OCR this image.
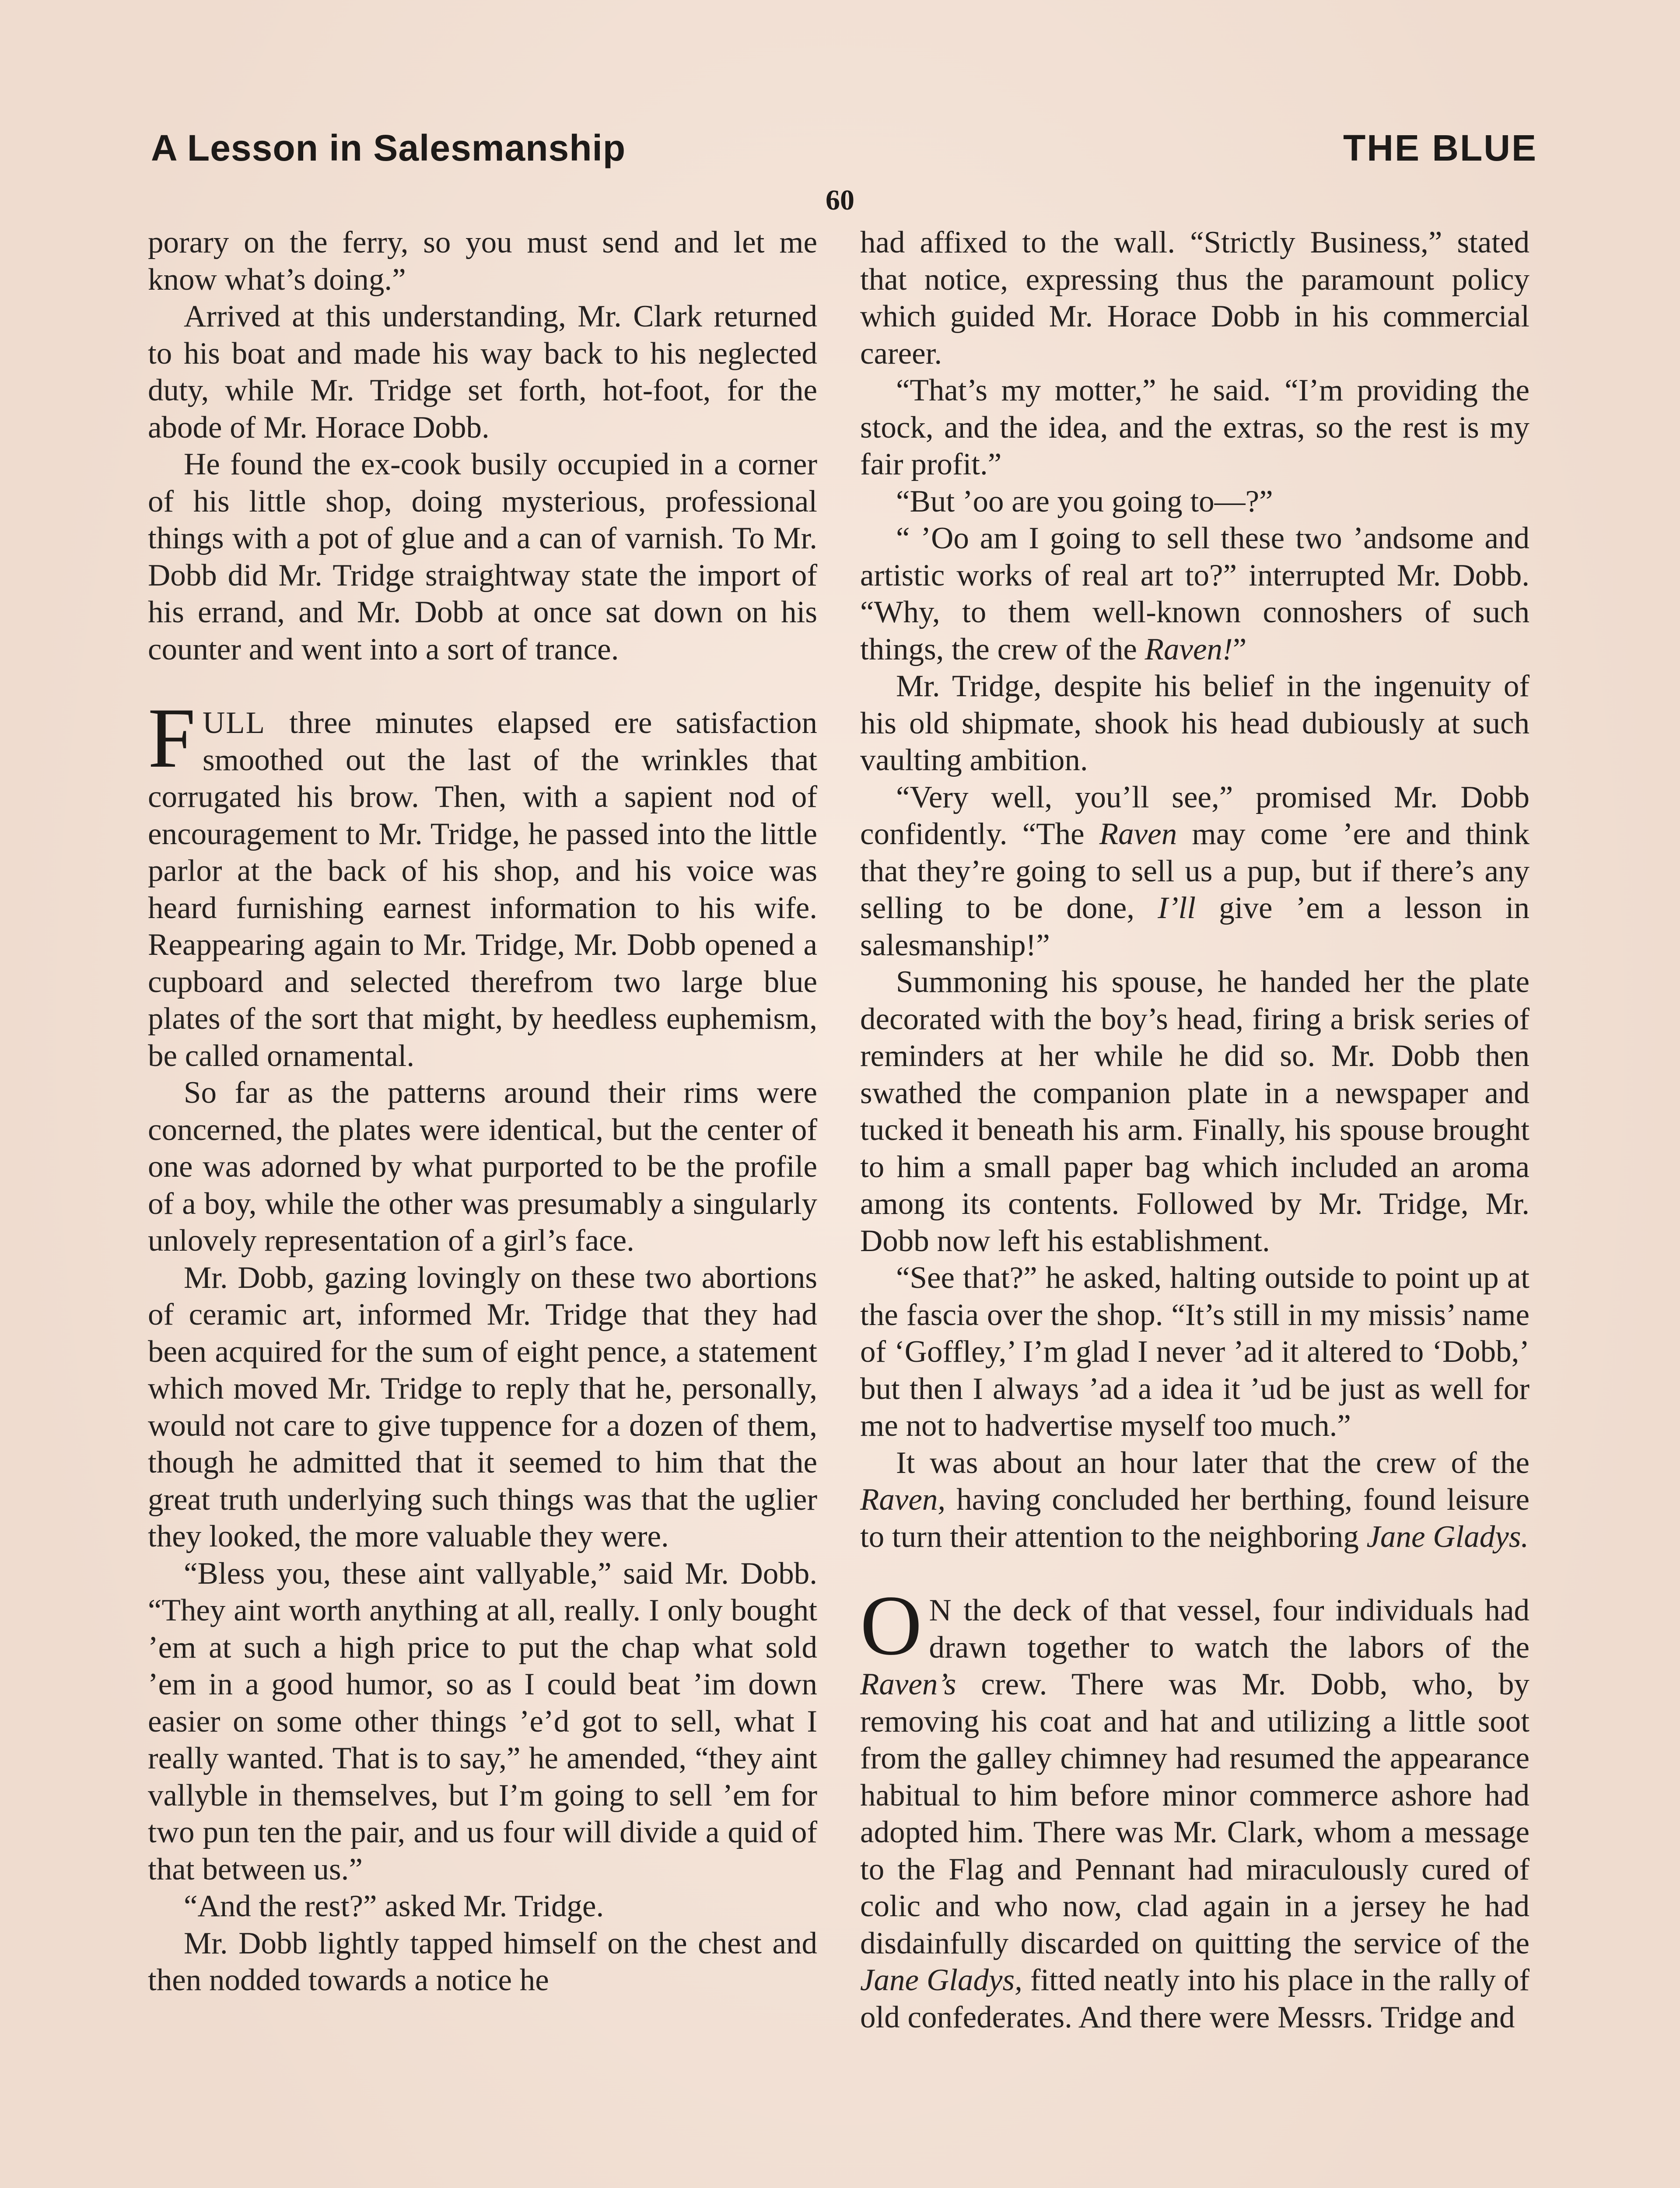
A Lesson in Salesmanship	THE BLUE
60

porary on the ferry, so you must send and let me know what’s doing.”

Arrived at this understanding, Mr. Clark returned to his boat and made his way back to his neglected duty, while Mr. Tridge set forth, hot-foot, for the abode of Mr. Horace Dobb.

He found the ex-cook busily occupied in a corner of his little shop, doing mysterious, professional things with a pot of glue and a can of varnish. To Mr. Dobb did Mr. Tridge straightway state the import of his errand, and Mr. Dobb at once sat down on his counter and went into a sort of trance.

FULL three minutes elapsed ere satisfaction smoothed out the last of the wrinkles that corrugated his brow. Then, with a sapient nod of encouragement to Mr. Tridge, he passed into the little parlor at the back of his shop, and his voice was heard furnishing earnest information to his wife. Reappearing again to Mr. Tridge, Mr. Dobb opened a cupboard and selected therefrom two large blue plates of the sort that might, by heedless euphemism, be called ornamental.

So far as the patterns around their rims were concerned, the plates were identical, but the center of one was adorned by what purported to be the profile of a boy, while the other was presumably a singularly unlovely representation of a girl’s face.

Mr. Dobb, gazing lovingly on these two abortions of ceramic art, informed Mr. Tridge that they had been acquired for the sum of eight pence, a statement which moved Mr. Tridge to reply that he, personally, would not care to give tuppence for a dozen of them, though he admitted that it seemed to him that the great truth underlying such things was that the uglier they looked, the more valuable they were.

“Bless you, these aint vallyable,” said Mr. Dobb. “They aint worth anything at all, really. I only bought ’em at such a high price to put the chap what sold ’em in a good humor, so as I could beat ’im down easier on some other things ’e’d got to sell, what I really wanted. That is to say,” he amended, “they aint vallyble in themselves, but I’m going to sell ’em for two pun ten the pair, and us four will divide a quid of that between us.”

“And the rest?” asked Mr. Tridge.

Mr. Dobb lightly tapped himself on the chest and then nodded towards a notice he

had affixed to the wall. “Strictly Business,” stated that notice, expressing thus the paramount policy which guided Mr. Horace Dobb in his commercial career.

“That’s my motter,” he said. “I’m providing the stock, and the idea, and the extras, so the rest is my fair profit.”

“But ’oo are you going to—?”

“ ’Oo am I going to sell these two ’andsome and artistic works of real art to?” interrupted Mr. Dobb. “Why, to them well-known connoshers of such things, the crew of the Raven!”

Mr. Tridge, despite his belief in the ingenuity of his old shipmate, shook his head dubiously at such vaulting ambition.

“Very well, you’ll see,” promised Mr. Dobb confidently. “The Raven may come ’ere and think that they’re going to sell us a pup, but if there’s any selling to be done, I’ll give ’em a lesson in salesmanship!”

Summoning his spouse, he handed her the plate decorated with the boy’s head, firing a brisk series of reminders at her while he did so. Mr. Dobb then swathed the companion plate in a newspaper and tucked it beneath his arm. Finally, his spouse brought to him a small paper bag which included an aroma among its contents. Followed by Mr. Tridge, Mr. Dobb now left his establishment.

“See that?” he asked, halting outside to point up at the fascia over the shop. “It’s still in my missis’ name of ‘Goffley,’ I’m glad I never ’ad it altered to ‘Dobb,’ but then I always ’ad a idea it ’ud be just as well for me not to hadvertise myself too much.”

It was about an hour later that the crew of the Raven, having concluded her berthing, found leisure to turn their attention to the neighboring Jane Gladys.

O N the deck of that vessel, four individuals had drawn together to watch the labors of the Raven’s crew. There was Mr. Dobb, who, by removing his coat and hat and utilizing a little soot from the galley chimney had resumed the appearance habitual to him before minor commerce ashore had adopted him. There was Mr. Clark, whom a message to the Flag and Pennant had miraculously cured of colic and who now, clad again in a jersey he had disdainfully discarded on quitting the service of the Jane Gladys, fitted neatly into his place in the rally of old confederates. And there were Messrs. Tridge and
